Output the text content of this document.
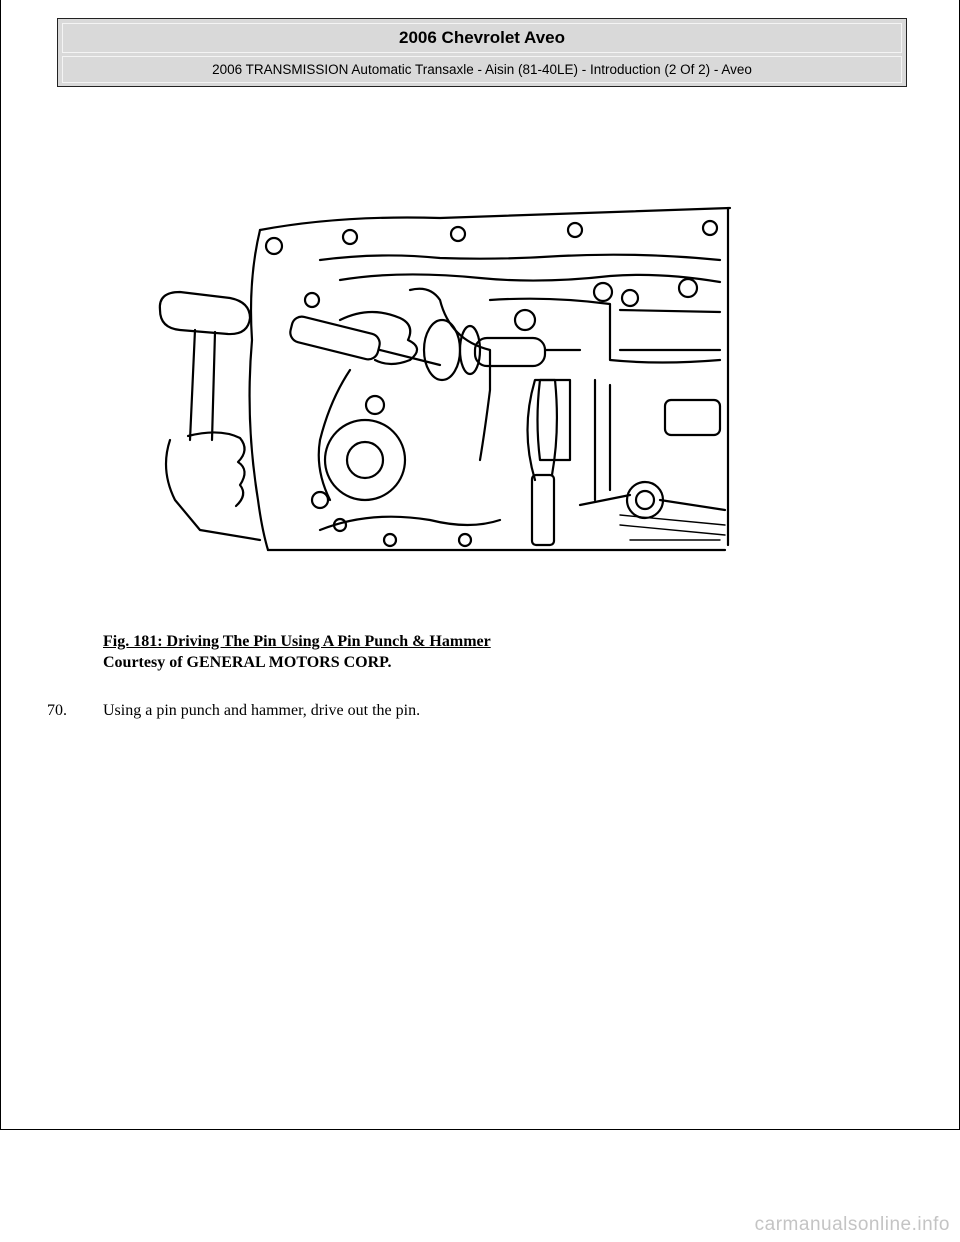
2006 Chevrolet Aveo
2006 TRANSMISSION Automatic Transaxle - Aisin (81-40LE) - Introduction (2 Of 2) - Aveo
Fig. 181: Driving The Pin Using A Pin Punch & Hammer
Courtesy of GENERAL MOTORS CORP.
70.	Using a pin punch and hammer, drive out the pin.
carmanualsonline.info
